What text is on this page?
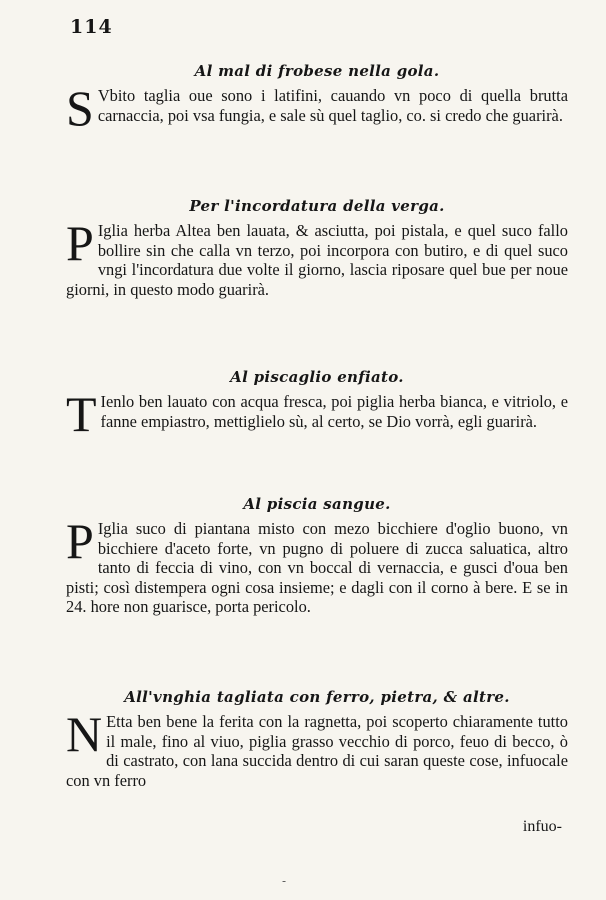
114
Al mal di frobese nella gola.

S Vbito taglia oue sono i latifini, cauando vn poco di quella brutta carnaccia, poi vsa fungia, e sale sù quel taglio, co. si credo che guarirà.

Per l'incordatura della verga.

P Iglia herba Altea ben lauata, & asciutta, poi pistala, e quel suco fallo bollire sin che calla vn terzo, poi incorpora con butiro, e di quel suco vngi l'incordatura due volte il giorno, lascia riposare quel bue per noue giorni, in questo modo guarirà.

Al piscaglio enfiato.

T Ienlo ben lauato con acqua fresca, poi piglia herba bianca, e vitriolo, e fanne empiastro, mettiglielo sù, al certo, se Dio vorrà, egli guarirà.

Al piscia sangue.

P Iglia suco di piantana misto con mezo bicchiere d'oglio buono, vn bicchiere d'aceto forte, vn pugno di poluere di zucca saluatica, altro tanto di feccia di vino, con vn boccal di vernaccia, e gusci d'oua ben pisti; così distempera ogni cosa insieme; e dagli con il corno à bere. E se in 24. hore non guarisce, porta pericolo.

All'vnghia tagliata con ferro, pietra, & altre.

N Etta ben bene la ferita con la ragnetta, poi scoperto chiaramente tutto il male, fino al viuo, piglia grasso vecchio di porco, feuo di becco, ò di castrato, con lana succida dentro di cui saran queste cose, infuocale con vn ferro

infuo-
-
